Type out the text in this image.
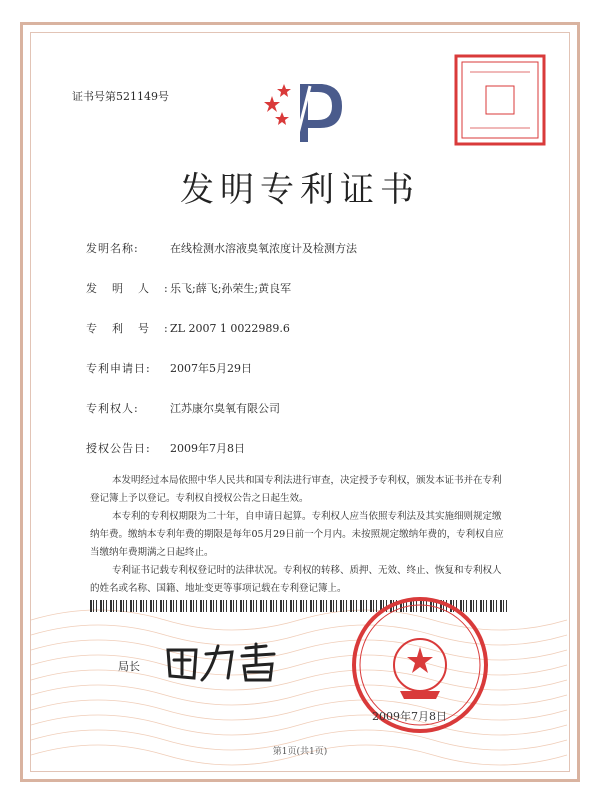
证书号第521149号
发明专利证书
发明名称:	在线检测水溶液臭氧浓度计及检测方法
发明人:乐飞;薛飞;孙荣生;黄良军
专利号:ZL 2007 1 0022989.6
专利申请日: 2007年5月29日
专利权人:	江苏康尔臭氧有限公司
授权公告日: 2009年7月8日

本发明经过本局依照中华人民共和国专利法进行审查，决定授予专利权，颁发本证书并在专利登记簿上予以登记。专利权自授权公告之日起生效。

本专利的专利权期限为二十年，自申请日起算。专利权人应当依照专利法及其实施细则规定缴纳年费。缴纳本专利年费的期限是每年05月29日前一个月内。未按照规定缴纳年费的，专利权自应当缴纳年费期满之日起终止。

专利证书记载专利权登记时的法律状况。专利权的转移、质押、无效、终止、恢复和专利权人的姓名或名称、国籍、地址变更等事项记载在专利登记簿上。

局长
2009年7月8日
第1页(共1页)
